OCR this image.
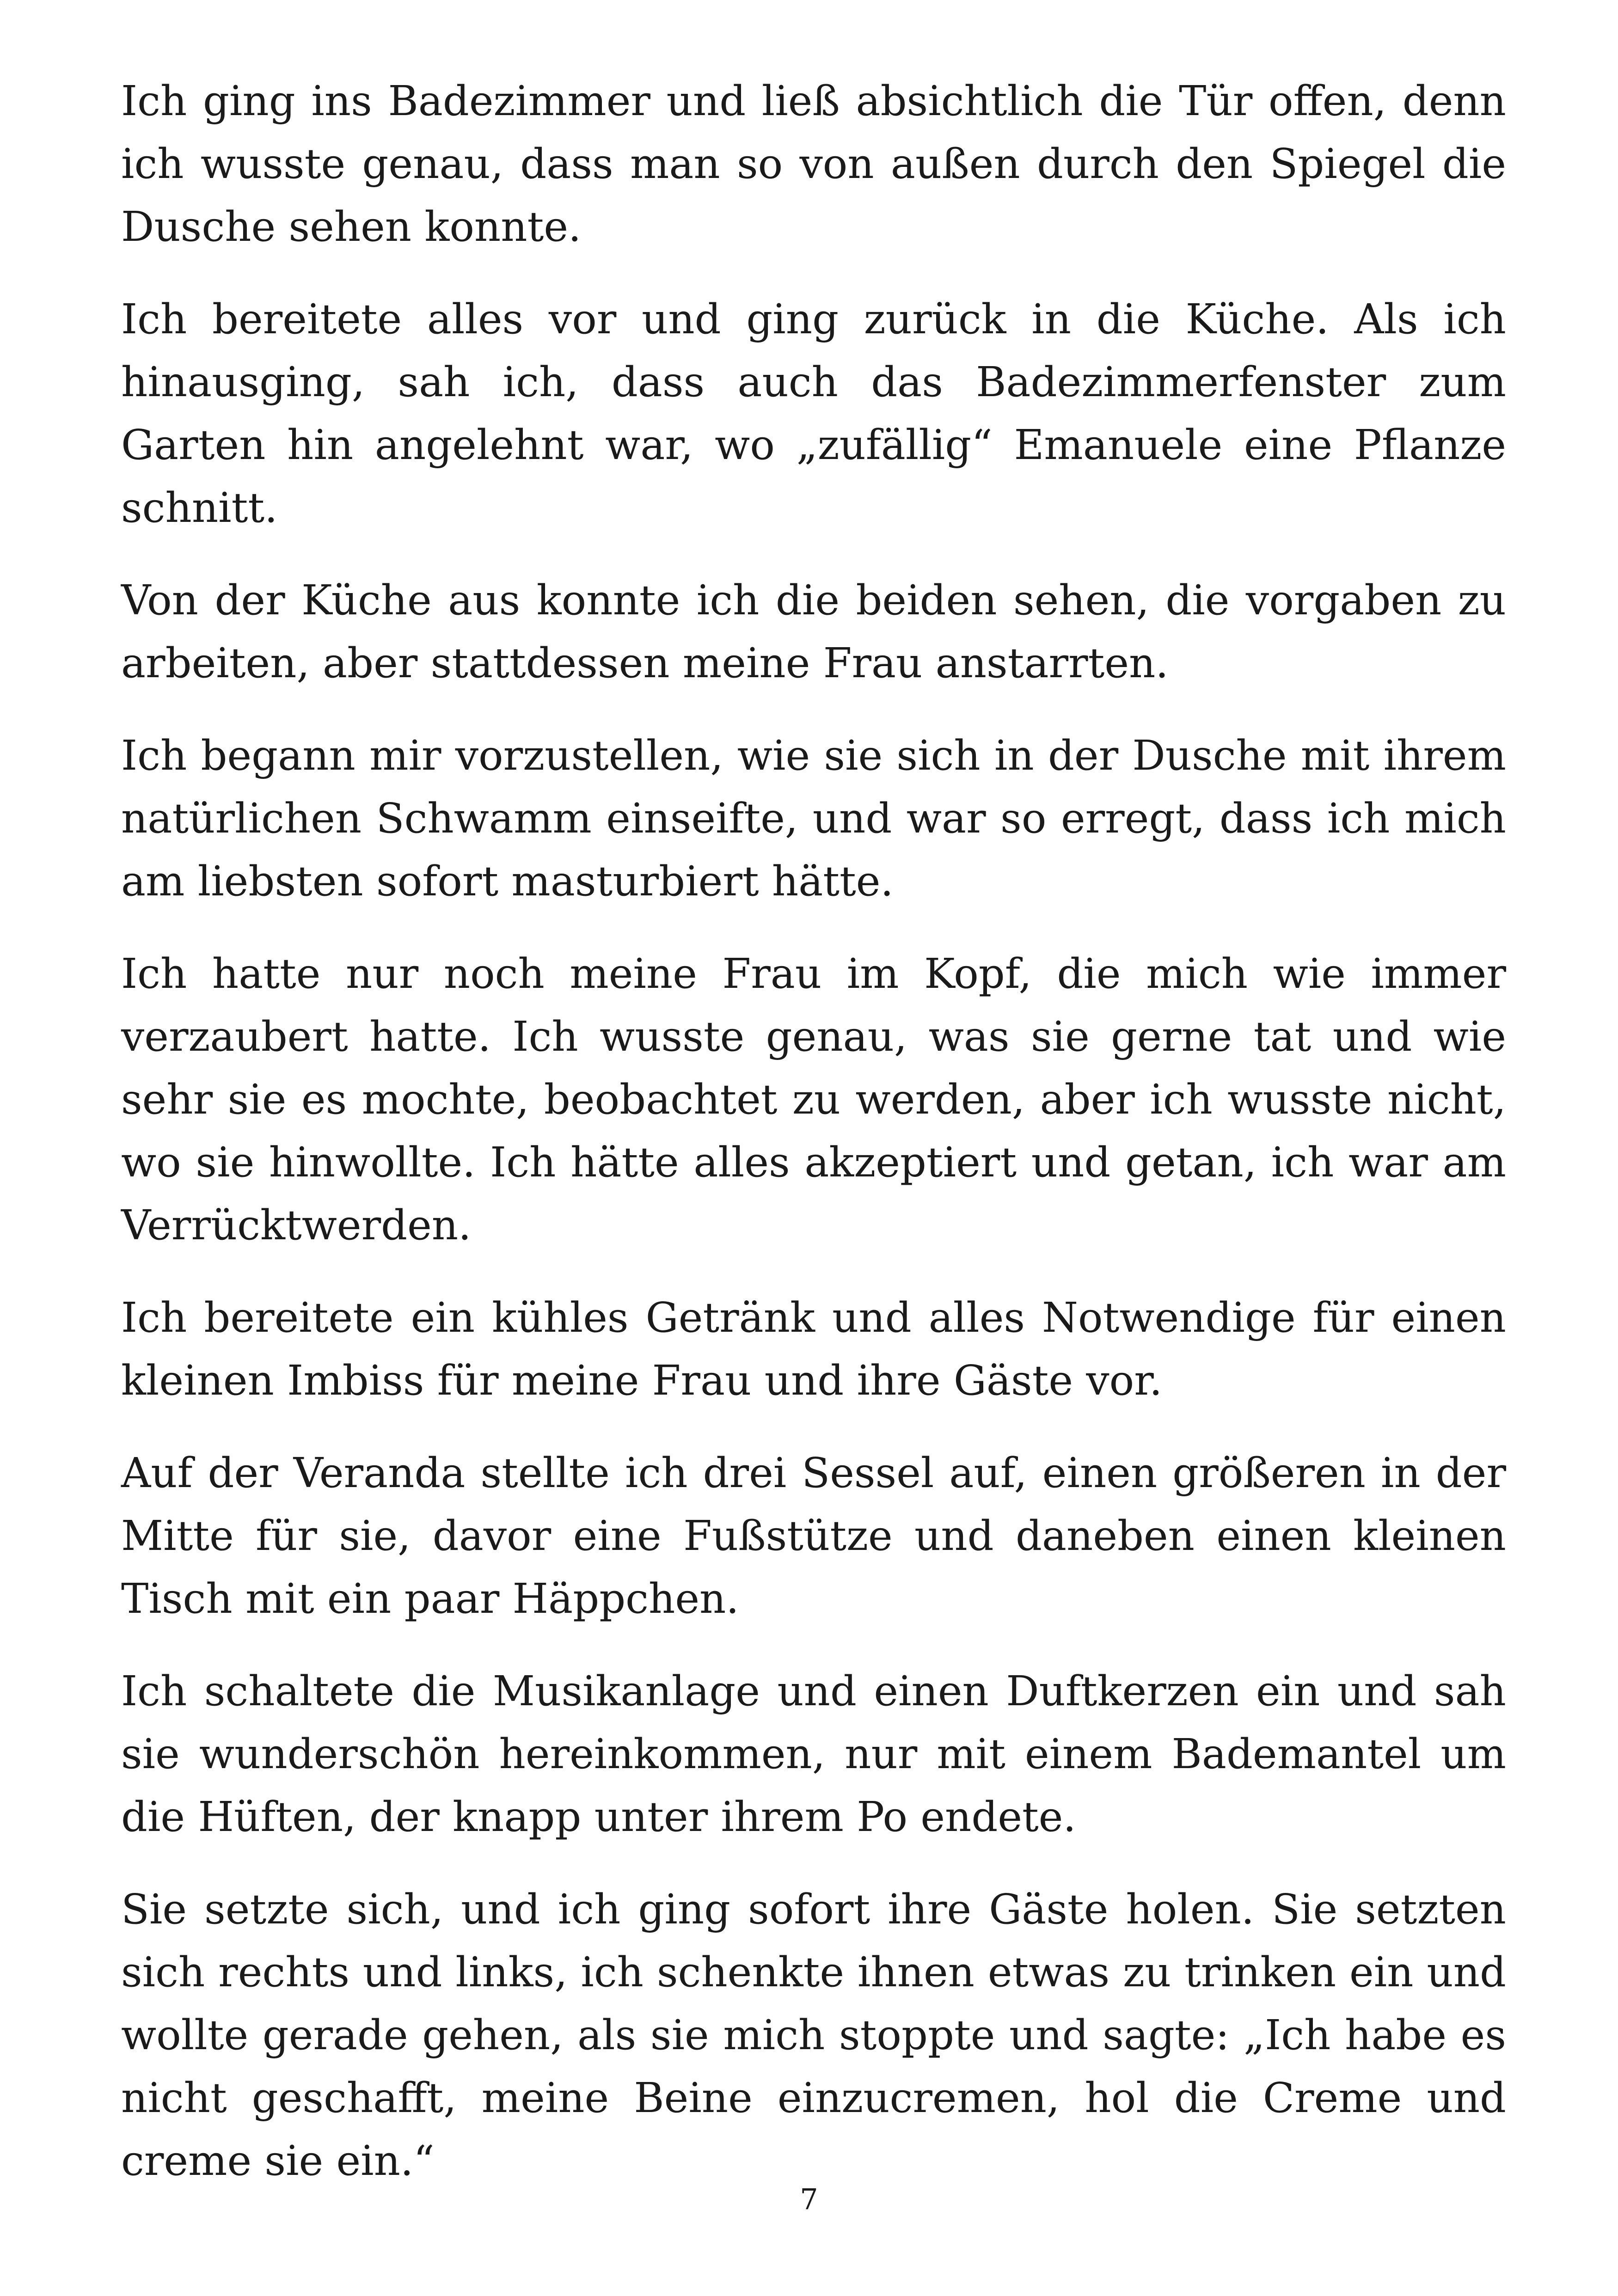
Ich ging ins Badezimmer und ließ absichtlich die Tür offen, denn ich wusste genau, dass man so von außen durch den Spiegel die Dusche sehen konnte.

Ich bereitete alles vor und ging zurück in die Küche. Als ich hinausging, sah ich, dass auch das Badezimmerfenster zum Garten hin angelehnt war, wo „zufällig“ Emanuele eine Pflanze schnitt.

Von der Küche aus konnte ich die beiden sehen, die vorgaben zu arbeiten, aber stattdessen meine Frau anstarrten.

Ich begann mir vorzustellen, wie sie sich in der Dusche mit ihrem natürlichen Schwamm einseifte, und war so erregt, dass ich mich am liebsten sofort masturbiert hätte.

Ich hatte nur noch meine Frau im Kopf, die mich wie immer verzaubert hatte. Ich wusste genau, was sie gerne tat und wie sehr sie es mochte, beobachtet zu werden, aber ich wusste nicht, wo sie hinwollte. Ich hätte alles akzeptiert und getan, ich war am Verrücktwerden.

Ich bereitete ein kühles Getränk und alles Notwendige für einen kleinen Imbiss für meine Frau und ihre Gäste vor.

Auf der Veranda stellte ich drei Sessel auf, einen größeren in der Mitte für sie, davor eine Fußstütze und daneben einen kleinen Tisch mit ein paar Häppchen.

Ich schaltete die Musikanlage und einen Duftkerzen ein und sah sie wunderschön hereinkommen, nur mit einem Bademantel um die Hüften, der knapp unter ihrem Po endete.

Sie setzte sich, und ich ging sofort ihre Gäste holen. Sie setzten sich rechts und links, ich schenkte ihnen etwas zu trinken ein und wollte gerade gehen, als sie mich stoppte und sagte: „Ich habe es nicht geschafft, meine Beine einzucremen, hol die Creme und creme sie ein.“

7
